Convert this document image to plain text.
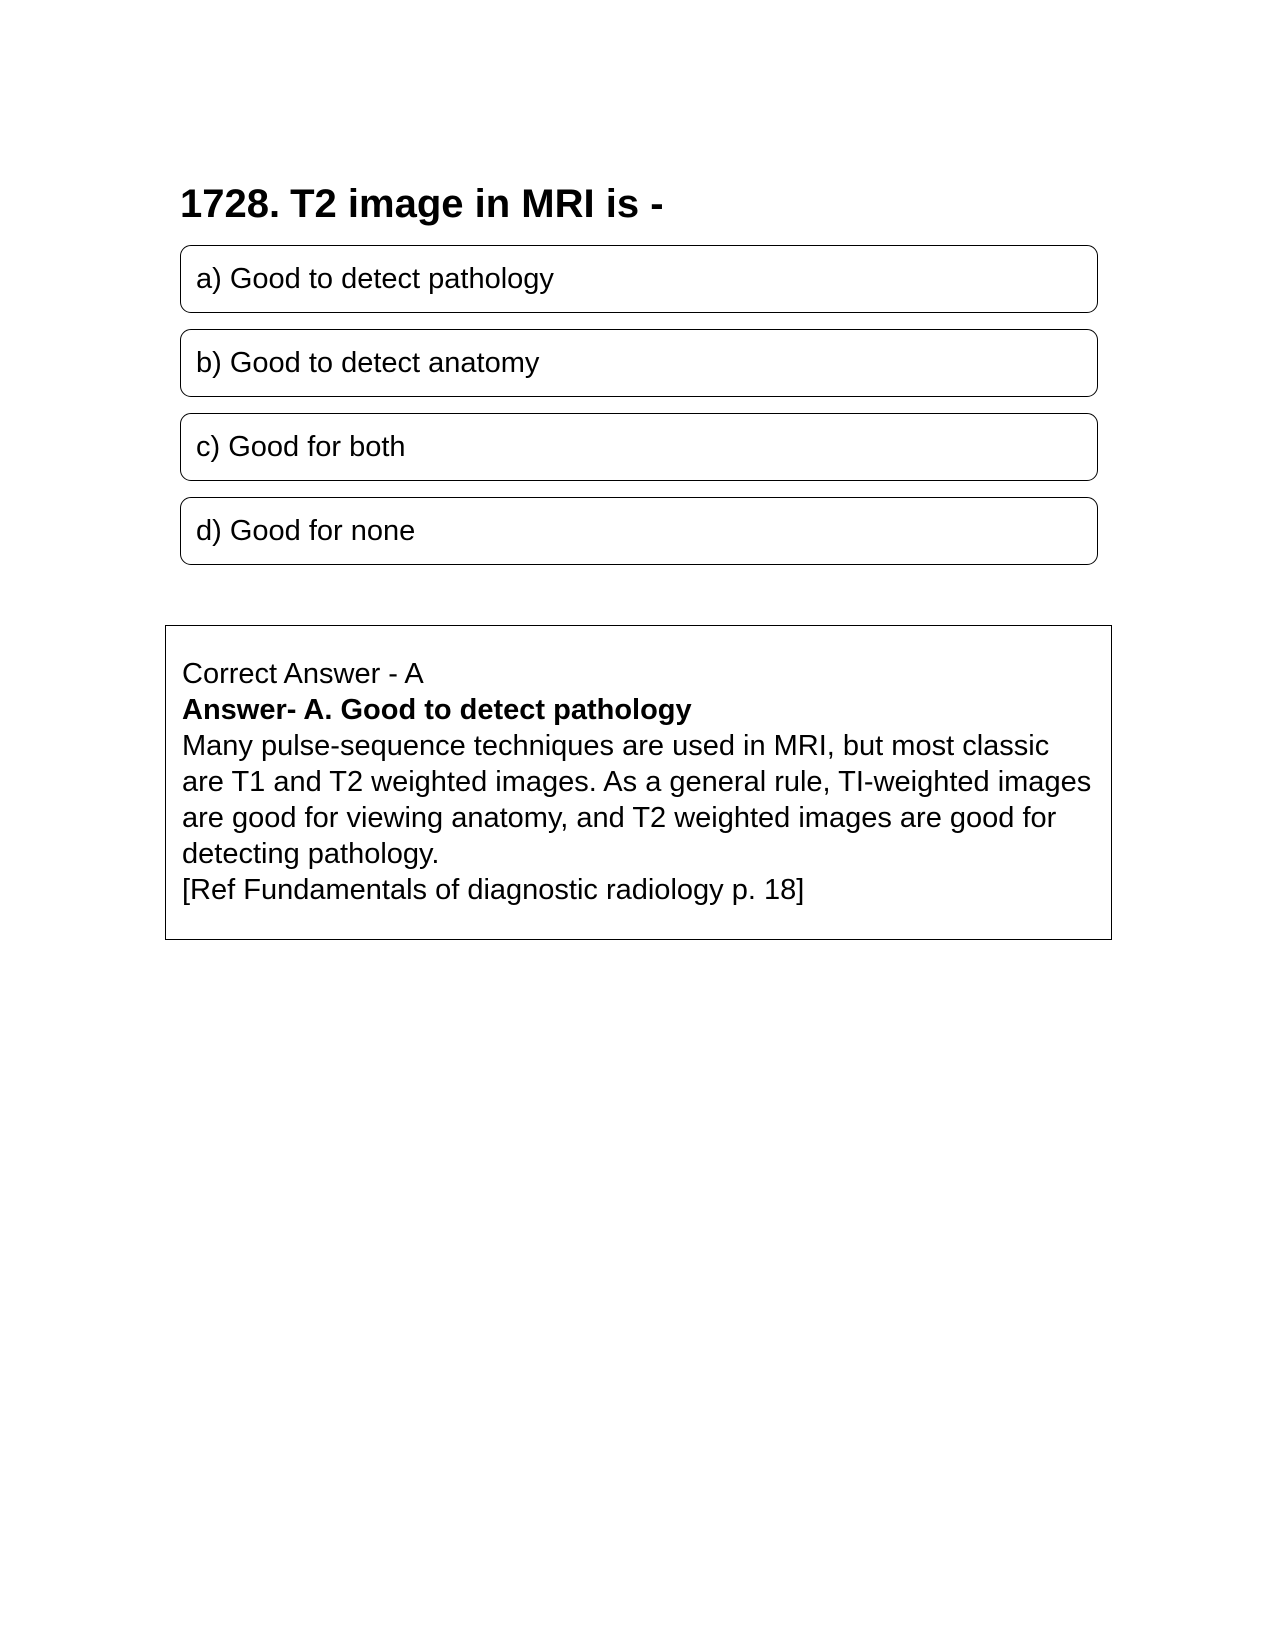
1728. T2 image in MRI is -
a) Good to detect pathology
b) Good to detect anatomy
c) Good for both
d) Good for none

Correct Answer - A

Answer- A. Good to detect pathology

Many pulse-sequence techniques are used in MRI, but most classic are T1 and T2 weighted images. As a general rule, TI-weighted images are good for viewing anatomy, and T2 weighted images are good for detecting pathology.

[Ref Fundamentals of diagnostic radiology p. 18]
